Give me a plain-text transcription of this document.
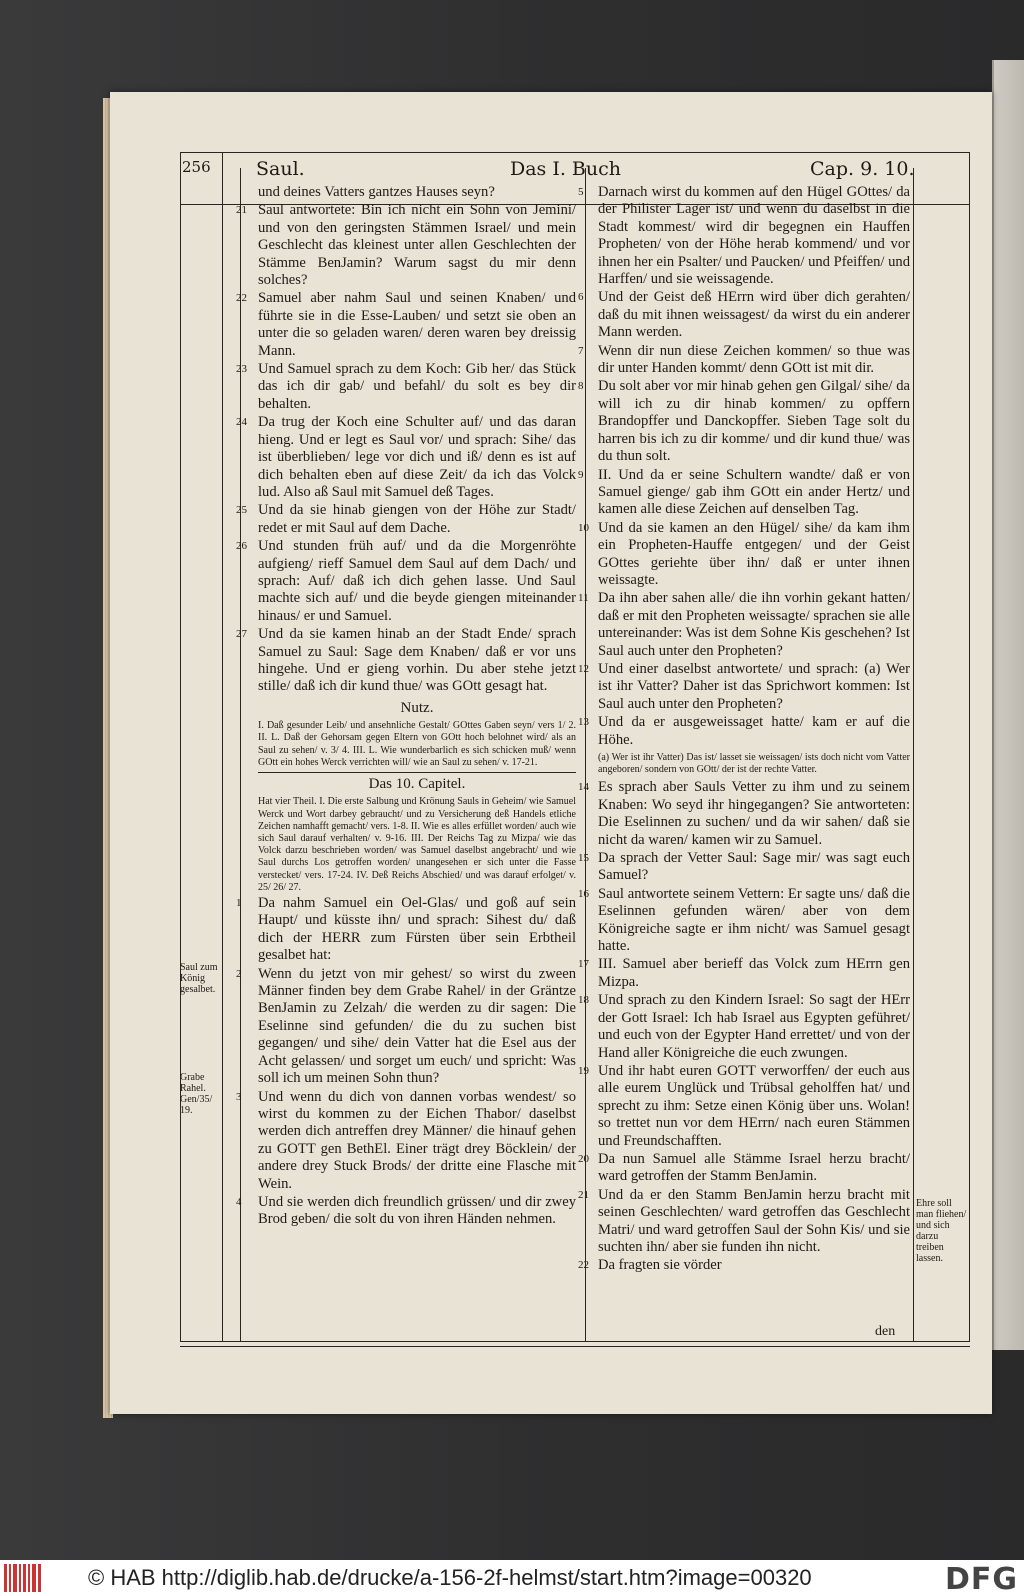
256 Saul.	Das I. Buch	Cap. 9. 10.

und deines Vatters gantzes Hauses seyn?

21 Saul antwortete: Bin ich nicht ein Sohn von Jemini/ und von den geringsten Stämmen Israel/ und mein Geschlecht das kleinest unter allen Geschlechten der Stämme BenJamin? Warum sagst du mir denn solches?

22 Samuel aber nahm Saul und seinen Knaben/ und führte sie in die Esse-Lauben/ und setzt sie oben an unter die so geladen waren/ deren waren bey dreissig Mann.

23 Und Samuel sprach zu dem Koch: Gib her/ das Stück das ich dir gab/ und befahl/ du solt es bey dir behalten.

24 Da trug der Koch eine Schulter auf/ und das daran hieng. Und er legt es Saul vor/ und sprach: Sihe/ das ist überblieben/ lege vor dich und iß/ denn es ist auf dich behalten eben auf diese Zeit/ da ich das Volck lud. Also aß Saul mit Samuel deß Tages.

25 Und da sie hinab giengen von der Höhe zur Stadt/ redet er mit Saul auf dem Dache.

26 Und stunden früh auf/ und da die Morgenröhte aufgieng/ rieff Samuel dem Saul auf dem Dach/ und sprach: Auf/ daß ich dich gehen lasse. Und Saul machte sich auf/ und die beyde giengen miteinander hinaus/ er und Samuel.

27 Und da sie kamen hinab an der Stadt Ende/ sprach Samuel zu Saul: Sage dem Knaben/ daß er vor uns hingehe. Und er gieng vorhin. Du aber stehe jetzt stille/ daß ich dir kund thue/ was GOtt gesagt hat.

Nutz.

I. Daß gesunder Leib/ und ansehnliche Gestalt/ GOttes Gaben seyn/ vers 1/ 2. II. L. Daß der Gehorsam gegen Eltern von GOtt hoch belohnet wird/ als an Saul zu sehen/ v. 3/ 4. III. L. Wie wunderbarlich es sich schicken muß/ wenn GOtt ein hohes Werck verrichten will/ wie an Saul zu sehen/ v. 17-21.

Das 10. Capitel.

Hat vier Theil. I. Die erste Salbung und Krönung Sauls in Geheim/ wie Samuel Werck und Wort darbey gebraucht/ und zu Versicherung deß Handels etliche Zeichen namhafft gemacht/ vers. 1-8. II. Wie es alles erfüllet worden/ auch wie sich Saul darauf verhalten/ v. 9-16. III. Der Reichs Tag zu Mizpa/ wie das Volck darzu beschrieben worden/ was Samuel daselbst angebracht/ und wie Saul durchs Los getroffen worden/ unangesehen er sich unter die Fasse verstecket/ vers. 17-24. IV. Deß Reichs Abschied/ und was darauf erfolget/ v. 25/ 26/ 27.

1 Da nahm Samuel ein Oel-Glas/ und goß auf sein Haupt/ und küsste ihn/ und sprach: Sihest du/ daß dich der HERR zum Fürsten über sein Erbtheil gesalbet hat:

2 Wenn du jetzt von mir gehest/ so wirst du zween Männer finden bey dem Grabe Rahel/ in der Gräntze BenJamin zu Zelzah/ die werden zu dir sagen: Die Eselinne sind gefunden/ die du zu suchen bist gegangen/ und sihe/ dein Vatter hat die Esel aus der Acht gelassen/ und sorget um euch/ und spricht: Was soll ich um meinen Sohn thun?

3 Und wenn du dich von dannen vorbas wendest/ so wirst du kommen zu der Eichen Thabor/ daselbst werden dich antreffen drey Männer/ die hinauf gehen zu GOTT gen BethEl. Einer trägt drey Böcklein/ der andere drey Stuck Brods/ der dritte eine Flasche mit Wein.

4 Und sie werden dich freundlich grüssen/ und dir zwey Brod geben/ die solt du von ihren Händen nehmen.

5 Darnach wirst du kommen auf den Hügel GOttes/ da der Philister Lager ist/ und wenn du daselbst in die Stadt kommest/ wird dir begegnen ein Hauffen Propheten/ von der Höhe herab kommend/ und vor ihnen her ein Psalter/ und Paucken/ und Pfeiffen/ und Harffen/ und sie weissagende.

6 Und der Geist deß HErrn wird über dich gerahten/ daß du mit ihnen weissagest/ da wirst du ein anderer Mann werden.

7 Wenn dir nun diese Zeichen kommen/ so thue was dir unter Handen kommt/ denn GOtt ist mit dir.

8 Du solt aber vor mir hinab gehen gen Gilgal/ sihe/ da will ich zu dir hinab kommen/ zu opffern Brandopffer und Danckopffer. Sieben Tage solt du harren bis ich zu dir komme/ und dir kund thue/ was du thun solt.

9 II. Und da er seine Schultern wandte/ daß er von Samuel gienge/ gab ihm GOtt ein ander Hertz/ und kamen alle diese Zeichen auf denselben Tag.

10 Und da sie kamen an den Hügel/ sihe/ da kam ihm ein Propheten-Hauffe entgegen/ und der Geist GOttes geriehte über ihn/ daß er unter ihnen weissagte.

11 Da ihn aber sahen alle/ die ihn vorhin gekant hatten/ daß er mit den Propheten weissagte/ sprachen sie alle untereinander: Was ist dem Sohne Kis geschehen? Ist Saul auch unter den Propheten?

12 Und einer daselbst antwortete/ und sprach: (a) Wer ist ihr Vatter? Daher ist das Sprichwort kommen: Ist Saul auch unter den Propheten?

13 Und da er ausgeweissaget hatte/ kam er auf die Höhe.

(a) Wer ist ihr Vatter) Das ist/ lasset sie weissagen/ ists doch nicht vom Vatter angeboren/ sondern von GOtt/ der ist der rechte Vatter.

14 Es sprach aber Sauls Vetter zu ihm und zu seinem Knaben: Wo seyd ihr hingegangen? Sie antworteten: Die Eselinnen zu suchen/ und da wir sahen/ daß sie nicht da waren/ kamen wir zu Samuel.

15 Da sprach der Vetter Saul: Sage mir/ was sagt euch Samuel?

16 Saul antwortete seinem Vettern: Er sagte uns/ daß die Eselinnen gefunden wären/ aber von dem Königreiche sagte er ihm nicht/ was Samuel gesagt hatte.

17 III. Samuel aber berieff das Volck zum HErrn gen Mizpa.

18 Und sprach zu den Kindern Israel: So sagt der HErr der Gott Israel: Ich hab Israel aus Egypten geführet/ und euch von der Egypter Hand errettet/ und von der Hand aller Königreiche die euch zwungen.

19 Und ihr habt euren GOTT verworffen/ der euch aus alle eurem Unglück und Trübsal geholffen hat/ und sprecht zu ihm: Setze einen König über uns. Wolan! so trettet nun vor dem HErrn/ nach euren Stämmen und Freundschafften.

20 Da nun Samuel alle Stämme Israel herzu bracht/ ward getroffen der Stamm BenJamin.

21 Und da er den Stamm BenJamin herzu bracht mit seinen Geschlechten/ ward getroffen das Geschlecht Matri/ und ward getroffen Saul der Sohn Kis/ und sie suchten ihn/ aber sie funden ihn nicht.

22 Da fragten sie vörder

den
Saul zum König gesalbet.
Grabe Rahel. Gen/35/ 19.
Ehre soll man fliehen/ und sich darzu treiben lassen.
© HAB http://diglib.hab.de/drucke/a-156-2f-helmst/start.htm?image=00320	DFG
